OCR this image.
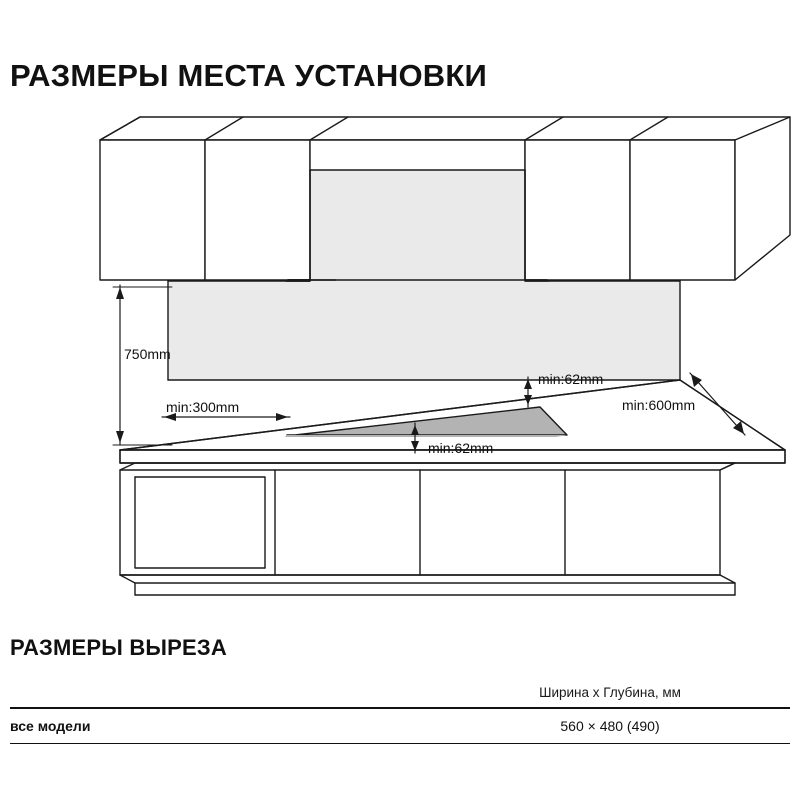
РАЗМЕРЫ МЕСТА УСТАНОВКИ
750mm
min:300mm
min:62mm
min:62mm
min:600mm
РАЗМЕРЫ ВЫРЕЗА
Ширина х Глубина, мм
все модели	560 × 480 (490)
